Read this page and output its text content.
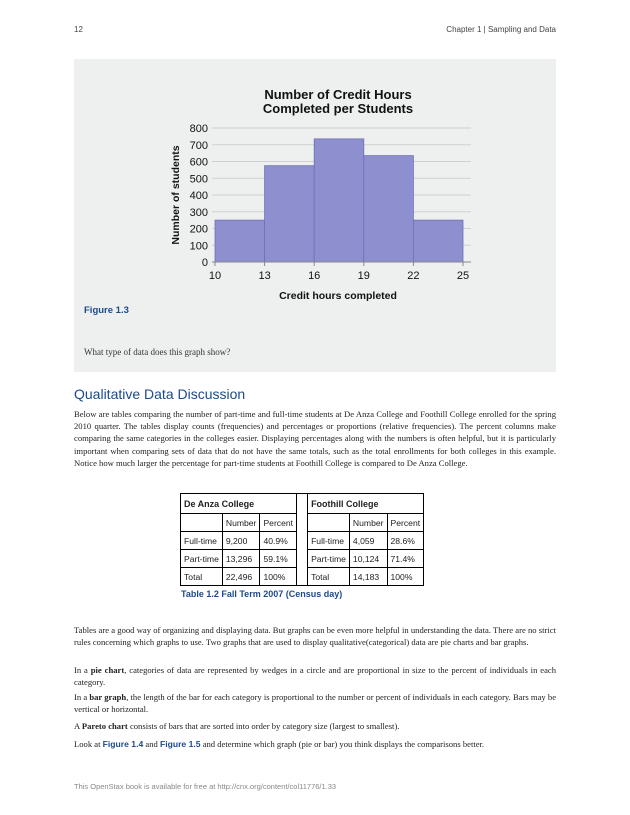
12	Chapter 1 | Sampling and Data
0
100
200
300
400
500
600
700
800
10	13	16	19	22	25
Number of Credit Hours
Completed per Students
Number of students
Credit hours completed
Figure 1.3
What type of data does this graph show?
Qualitative Data Discussion

Below are tables comparing the number of part-time and full-time students at De Anza College and Foothill College enrolled for the spring 2010 quarter. The tables display counts (frequencies) and percentages or proportions (relative frequencies). The percent columns make comparing the same categories in the colleges easier. Displaying percentages along with the numbers is often helpful, but it is particularly important when comparing sets of data that do not have the same totals, such as the total enrollments for both colleges in this example. Notice how much larger the percentage for part-time students at Foothill College is compared to De Anza College.

De Anza College				Foothill College		
	Number	Percent			Number	Percent
Full-time	9,200	40.9%		Full-time	4,059	28.6%
Part-time	13,296	59.1%		Part-time	10,124	71.4%
Total	22,496	100%		Total	14,183	100%
Table 1.2 Fall Term 2007 (Census day)

Tables are a good way of organizing and displaying data. But graphs can be even more helpful in understanding the data. There are no strict rules concerning which graphs to use. Two graphs that are used to display qualitative(categorical) data are pie charts and bar graphs.

In a pie chart, categories of data are represented by wedges in a circle and are proportional in size to the percent of individuals in each category.

In a bar graph, the length of the bar for each category is proportional to the number or percent of individuals in each category. Bars may be vertical or horizontal.

A Pareto chart consists of bars that are sorted into order by category size (largest to smallest).

Look at Figure 1.4 and Figure 1.5 and determine which graph (pie or bar) you think displays the comparisons better.

This OpenStax book is available for free at http://cnx.org/content/col11776/1.33
